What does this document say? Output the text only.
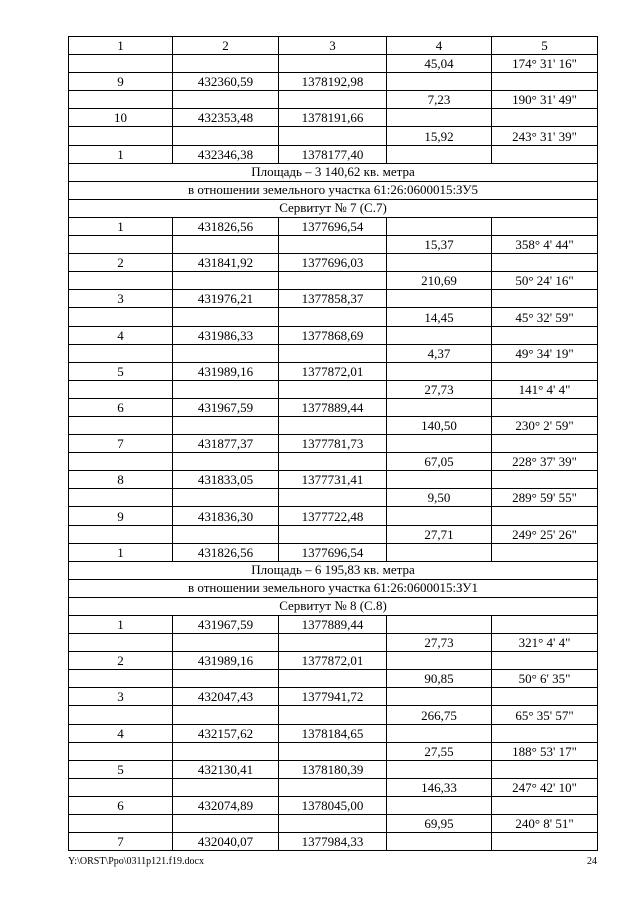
1	2	3	4	5
			45,04	174° 31' 16"
9	432360,59	1378192,98		
			7,23	190° 31' 49"
10	432353,48	1378191,66		
			15,92	243° 31' 39"
1	432346,38	1378177,40		
Площадь – 3 140,62 кв. метра				
в отношении земельного участка 61:26:0600015:ЗУ5				
Сервитут № 7 (С.7)				
1	431826,56	1377696,54		
			15,37	358° 4' 44"
2	431841,92	1377696,03		
			210,69	50° 24' 16"
3	431976,21	1377858,37		
			14,45	45° 32' 59"
4	431986,33	1377868,69		
			4,37	49° 34' 19"
5	431989,16	1377872,01		
			27,73	141° 4' 4"
6	431967,59	1377889,44		
			140,50	230° 2' 59"
7	431877,37	1377781,73		
			67,05	228° 37' 39"
8	431833,05	1377731,41		
			9,50	289° 59' 55"
9	431836,30	1377722,48		
			27,71	249° 25' 26"
1	431826,56	1377696,54		
Площадь – 6 195,83 кв. метра				
в отношении земельного участка 61:26:0600015:ЗУ1				
Сервитут № 8 (С.8)				
1	431967,59	1377889,44		
			27,73	321° 4' 4"
2	431989,16	1377872,01		
			90,85	50° 6' 35"
3	432047,43	1377941,72		
			266,75	65° 35' 57"
4	432157,62	1378184,65		
			27,55	188° 53' 17"
5	432130,41	1378180,39		
			146,33	247° 42' 10"
6	432074,89	1378045,00		
			69,95	240° 8' 51"
7	432040,07	1377984,33		
Y:\ORST\Ppo\0311p121.f19.docx	24
